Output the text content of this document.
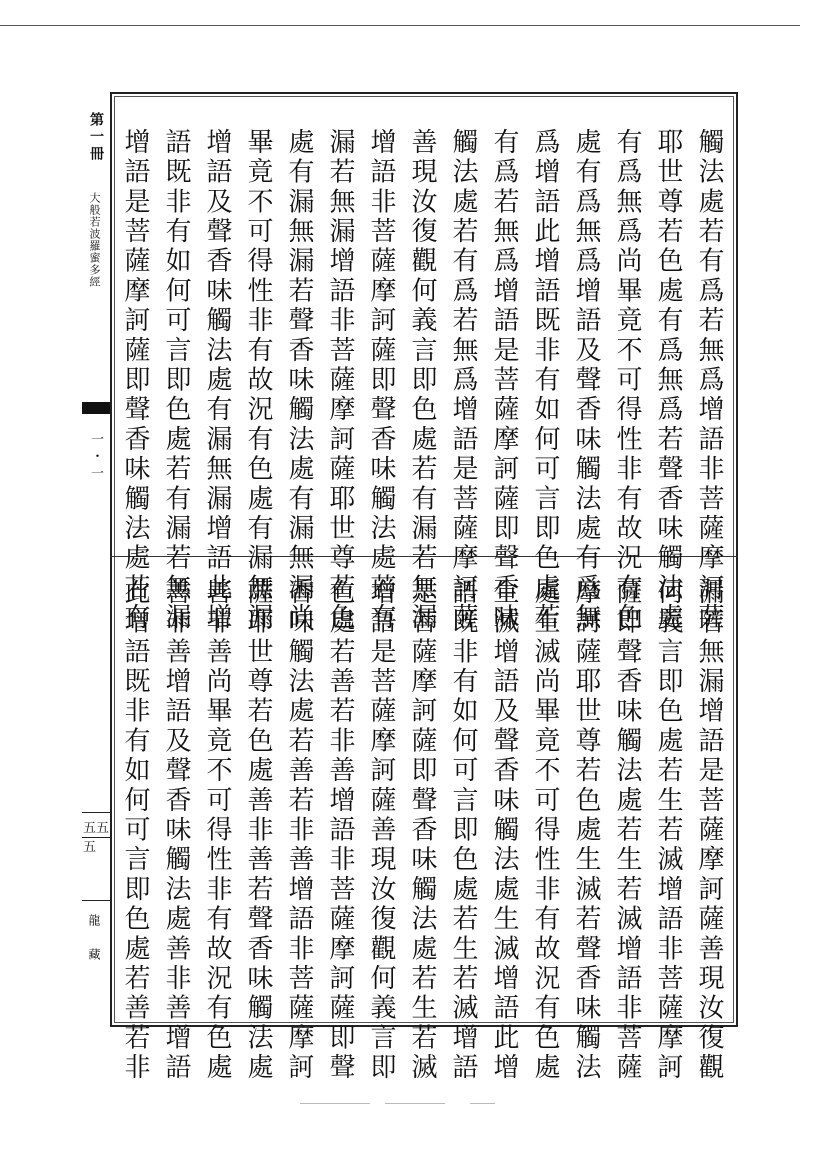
第一冊
大般若波羅蜜多經
一・一
五五五
龍藏
觸法處若有爲若無爲增語非菩薩摩訶薩
耶世尊若色處有爲無爲若聲香味觸法處
有爲無爲尚畢竟不可得性非有故況有色
處有爲無爲增語及聲香味觸法處有爲無
爲增語此增語既非有如何可言即色處若
有爲若無爲增語是菩薩摩訶薩即聲香味
觸法處若有爲若無爲增語是菩薩摩訶薩
善現汝復觀何義言即色處若有漏若無漏
增語非菩薩摩訶薩即聲香味觸法處若有
漏若無漏增語非菩薩摩訶薩耶世尊若色
處有漏無漏若聲香味觸法處有漏無漏尚
畢竟不可得性非有故況有色處有漏無漏
增語及聲香味觸法處有漏無漏增語此增
語既非有如何可言即色處若有漏若無漏
增語是菩薩摩訶薩即聲香味觸法處若有
漏若無漏增語是菩薩摩訶薩善現汝復觀
何義言即色處若生若滅增語非菩薩摩訶
薩即聲香味觸法處若生若滅增語非菩薩
摩訶薩耶世尊若色處生滅若聲香味觸法
處生滅尚畢竟不可得性非有故況有色處
生滅增語及聲香味觸法處生滅增語此增
語既非有如何可言即色處若生若滅增語
是菩薩摩訶薩即聲香味觸法處若生若滅
增語是菩薩摩訶薩善現汝復觀何義言即
色處若善若非善增語非菩薩摩訶薩即聲
香味觸法處若善若非善增語非菩薩摩訶
薩耶世尊若色處善非善若聲香味觸法處
善非善尚畢竟不可得性非有故況有色處
善非善增語及聲香味觸法處善非善增語
此增語既非有如何可言即色處若善若非
